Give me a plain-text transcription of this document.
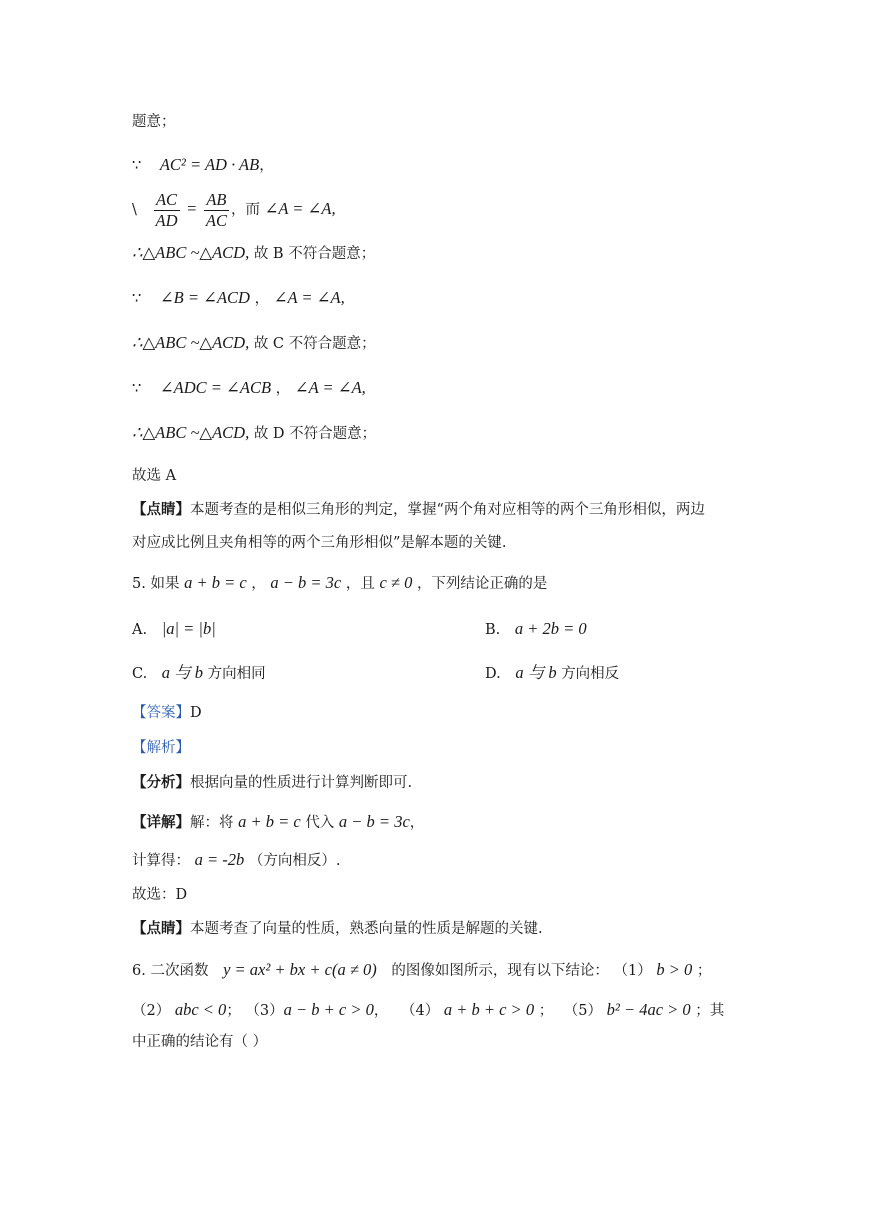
题意；
∵ AC² = AD · AB，
\ $\frac{AC}{AD} = \frac{AB}{AC}$ ，而 ∠A = ∠A,
∴△ABC ~△ACD, 故 B 不符合题意；
∵ ∠B = ∠ACD ， ∠A = ∠A,
∴△ABC ~△ACD, 故 C 不符合题意；
∵ ∠ADC = ∠ACB ， ∠A = ∠A,
∴△ABC ~△ACD, 故 D 不符合题意；
故选 A
【点睛】本题考查的是相似三角形的判定，掌握“两个角对应相等的两个三角形相似，两边
对应成比例且夹角相等的两个三角形相似”是解本题的关键.
5. 如果 a + b = c ， a − b = 3c ，且 c ≠ 0 ，下列结论正确的是
A. |a| = |b|	B. a + 2b = 0
C. a 与 b 方向相同	D. a 与 b 方向相反
【答案】D
【解析】
【分析】根据向量的性质进行计算判断即可.
【详解】解：将 a + b = c 代入 a − b = 3c，
计算得： a = -2b （方向相反）.
故选：D
【点睛】本题考查了向量的性质，熟悉向量的性质是解题的关键.
6. 二次函数 y = ax² + bx + c(a ≠ 0) 的图像如图所示，现有以下结论： （1） b > 0 ；
（2） abc < 0； （3）a − b + c > 0， （4） a + b + c > 0 ； （5） b² − 4ac > 0 ；其
中正确的结论有（ ）
